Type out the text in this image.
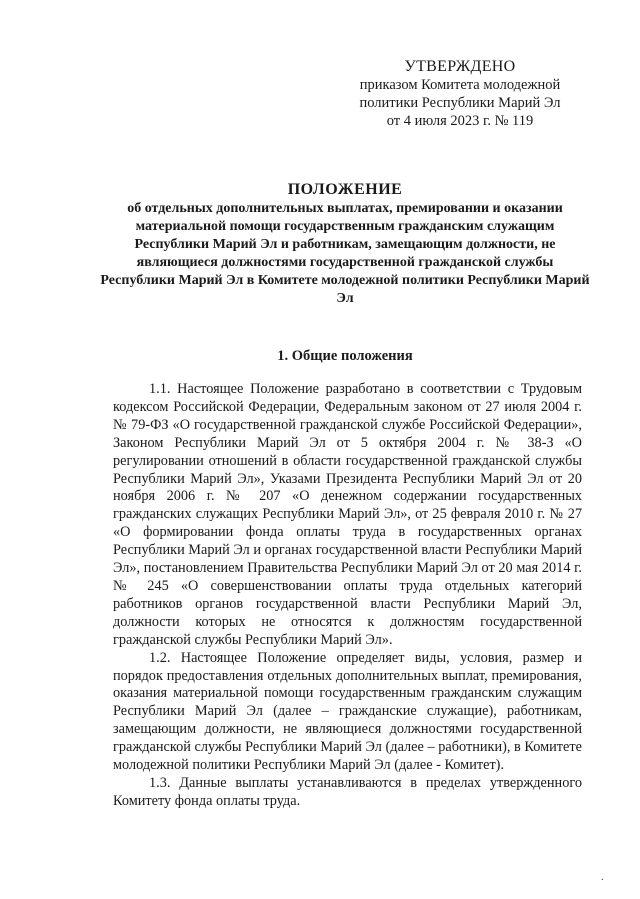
УТВЕРЖДЕНО
приказом Комитета молодежной
политики Республики Марий Эл
от 4 июля 2023 г. № 119
ПОЛОЖЕНИЕ
об отдельных дополнительных выплатах, премировании и оказании материальной помощи государственным гражданским служащим Республики Марий Эл и работникам, замещающим должности, не являющиеся должностями государственной гражданской службы Республики Марий Эл в Комитете молодежной политики Республики Марий Эл
1. Общие положения

1.1. Настоящее Положение разработано в соответствии с Трудовым кодексом Российской Федерации, Федеральным законом от 27 июля 2004 г. № 79-ФЗ «О государственной гражданской службе Российской Федерации», Законом Республики Марий Эл от 5 октября 2004 г. № 38-З «О регулировании отношений в области государственной гражданской службы Республики Марий Эл», Указами Президента Республики Марий Эл от 20 ноября 2006 г. № 207 «О денежном содержании государственных гражданских служащих Республики Марий Эл», от 25 февраля 2010 г. № 27 «О формировании фонда оплаты труда в государственных органах Республики Марий Эл и органах государственной власти Республики Марий Эл», постановлением Правительства Республики Марий Эл от 20 мая 2014 г. № 245 «О совершенствовании оплаты труда отдельных категорий работников органов государственной власти Республики Марий Эл, должности которых не относятся к должностям государственной гражданской службы Республики Марий Эл».

1.2. Настоящее Положение определяет виды, условия, размер и порядок предоставления отдельных дополнительных выплат, премирования, оказания материальной помощи государственным гражданским служащим Республики Марий Эл (далее – гражданские служащие), работникам, замещающим должности, не являющиеся должностями государственной гражданской службы Республики Марий Эл (далее – работники), в Комитете молодежной политики Республики Марий Эл (далее - Комитет).

1.3. Данные выплаты устанавливаются в пределах утвержденного Комитету фонда оплаты труда.

.
